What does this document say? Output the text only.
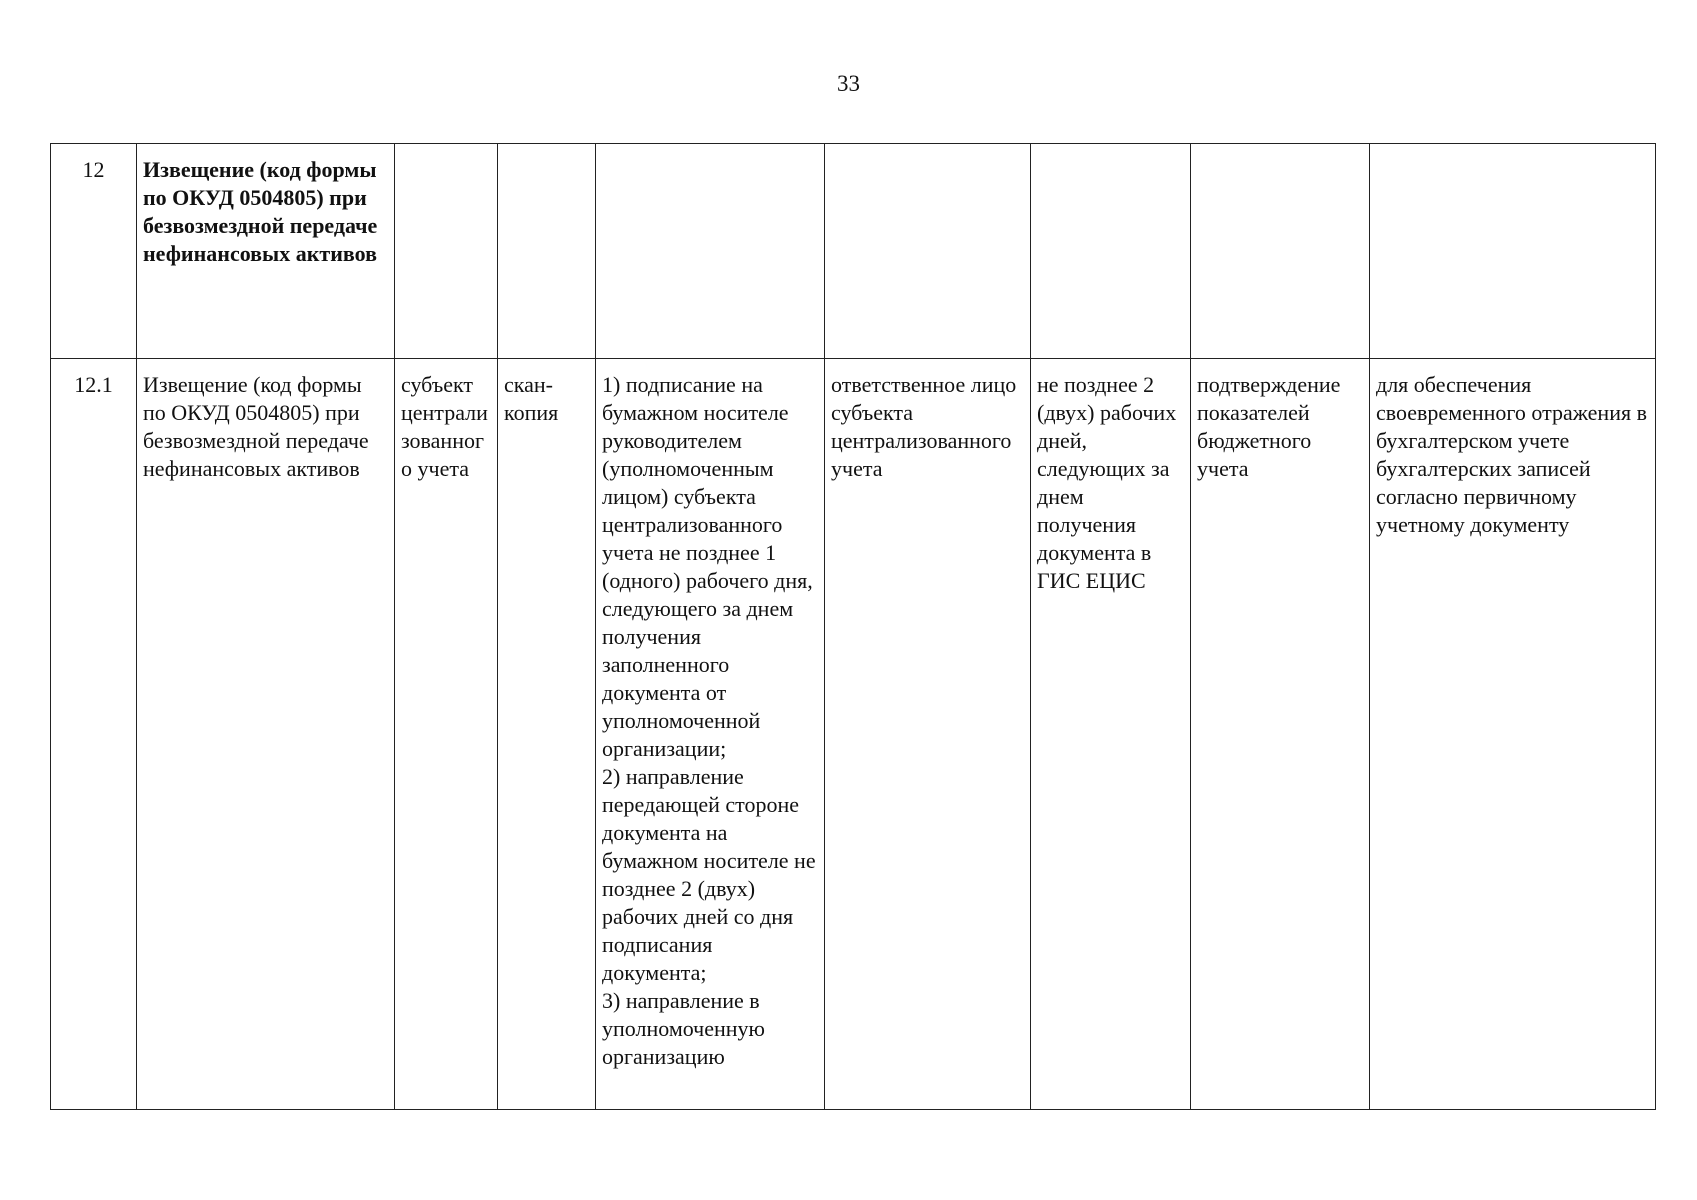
33
12	Извещение (код формы по ОКУД 0504805) при безвозмездной передаче нефинансовых активов							
12.1	Извещение (код формы по ОКУД 0504805) при безвозмездной передаче нефинансовых активов	субъект централизованного учета	скан-копия	1) подписание на бумажном носителе руководителем (уполномоченным лицом) субъекта централизованного учета не позднее 1 (одного) рабочего дня, следующего за днем получения заполненного документа от уполномоченной организации;
2) направление передающей стороне документа на бумажном носителе не позднее 2 (двух) рабочих дней со дня подписания документа;
3) направление в уполномоченную организацию	ответственное лицо субъекта централизованного учета	не позднее 2 (двух) рабочих дней, следующих за днем получения документа в ГИС ЕЦИС	подтверждение показателей бюджетного учета	для обеспечения своевременного отражения в бухгалтерском учете бухгалтерских записей согласно первичному учетному документу
